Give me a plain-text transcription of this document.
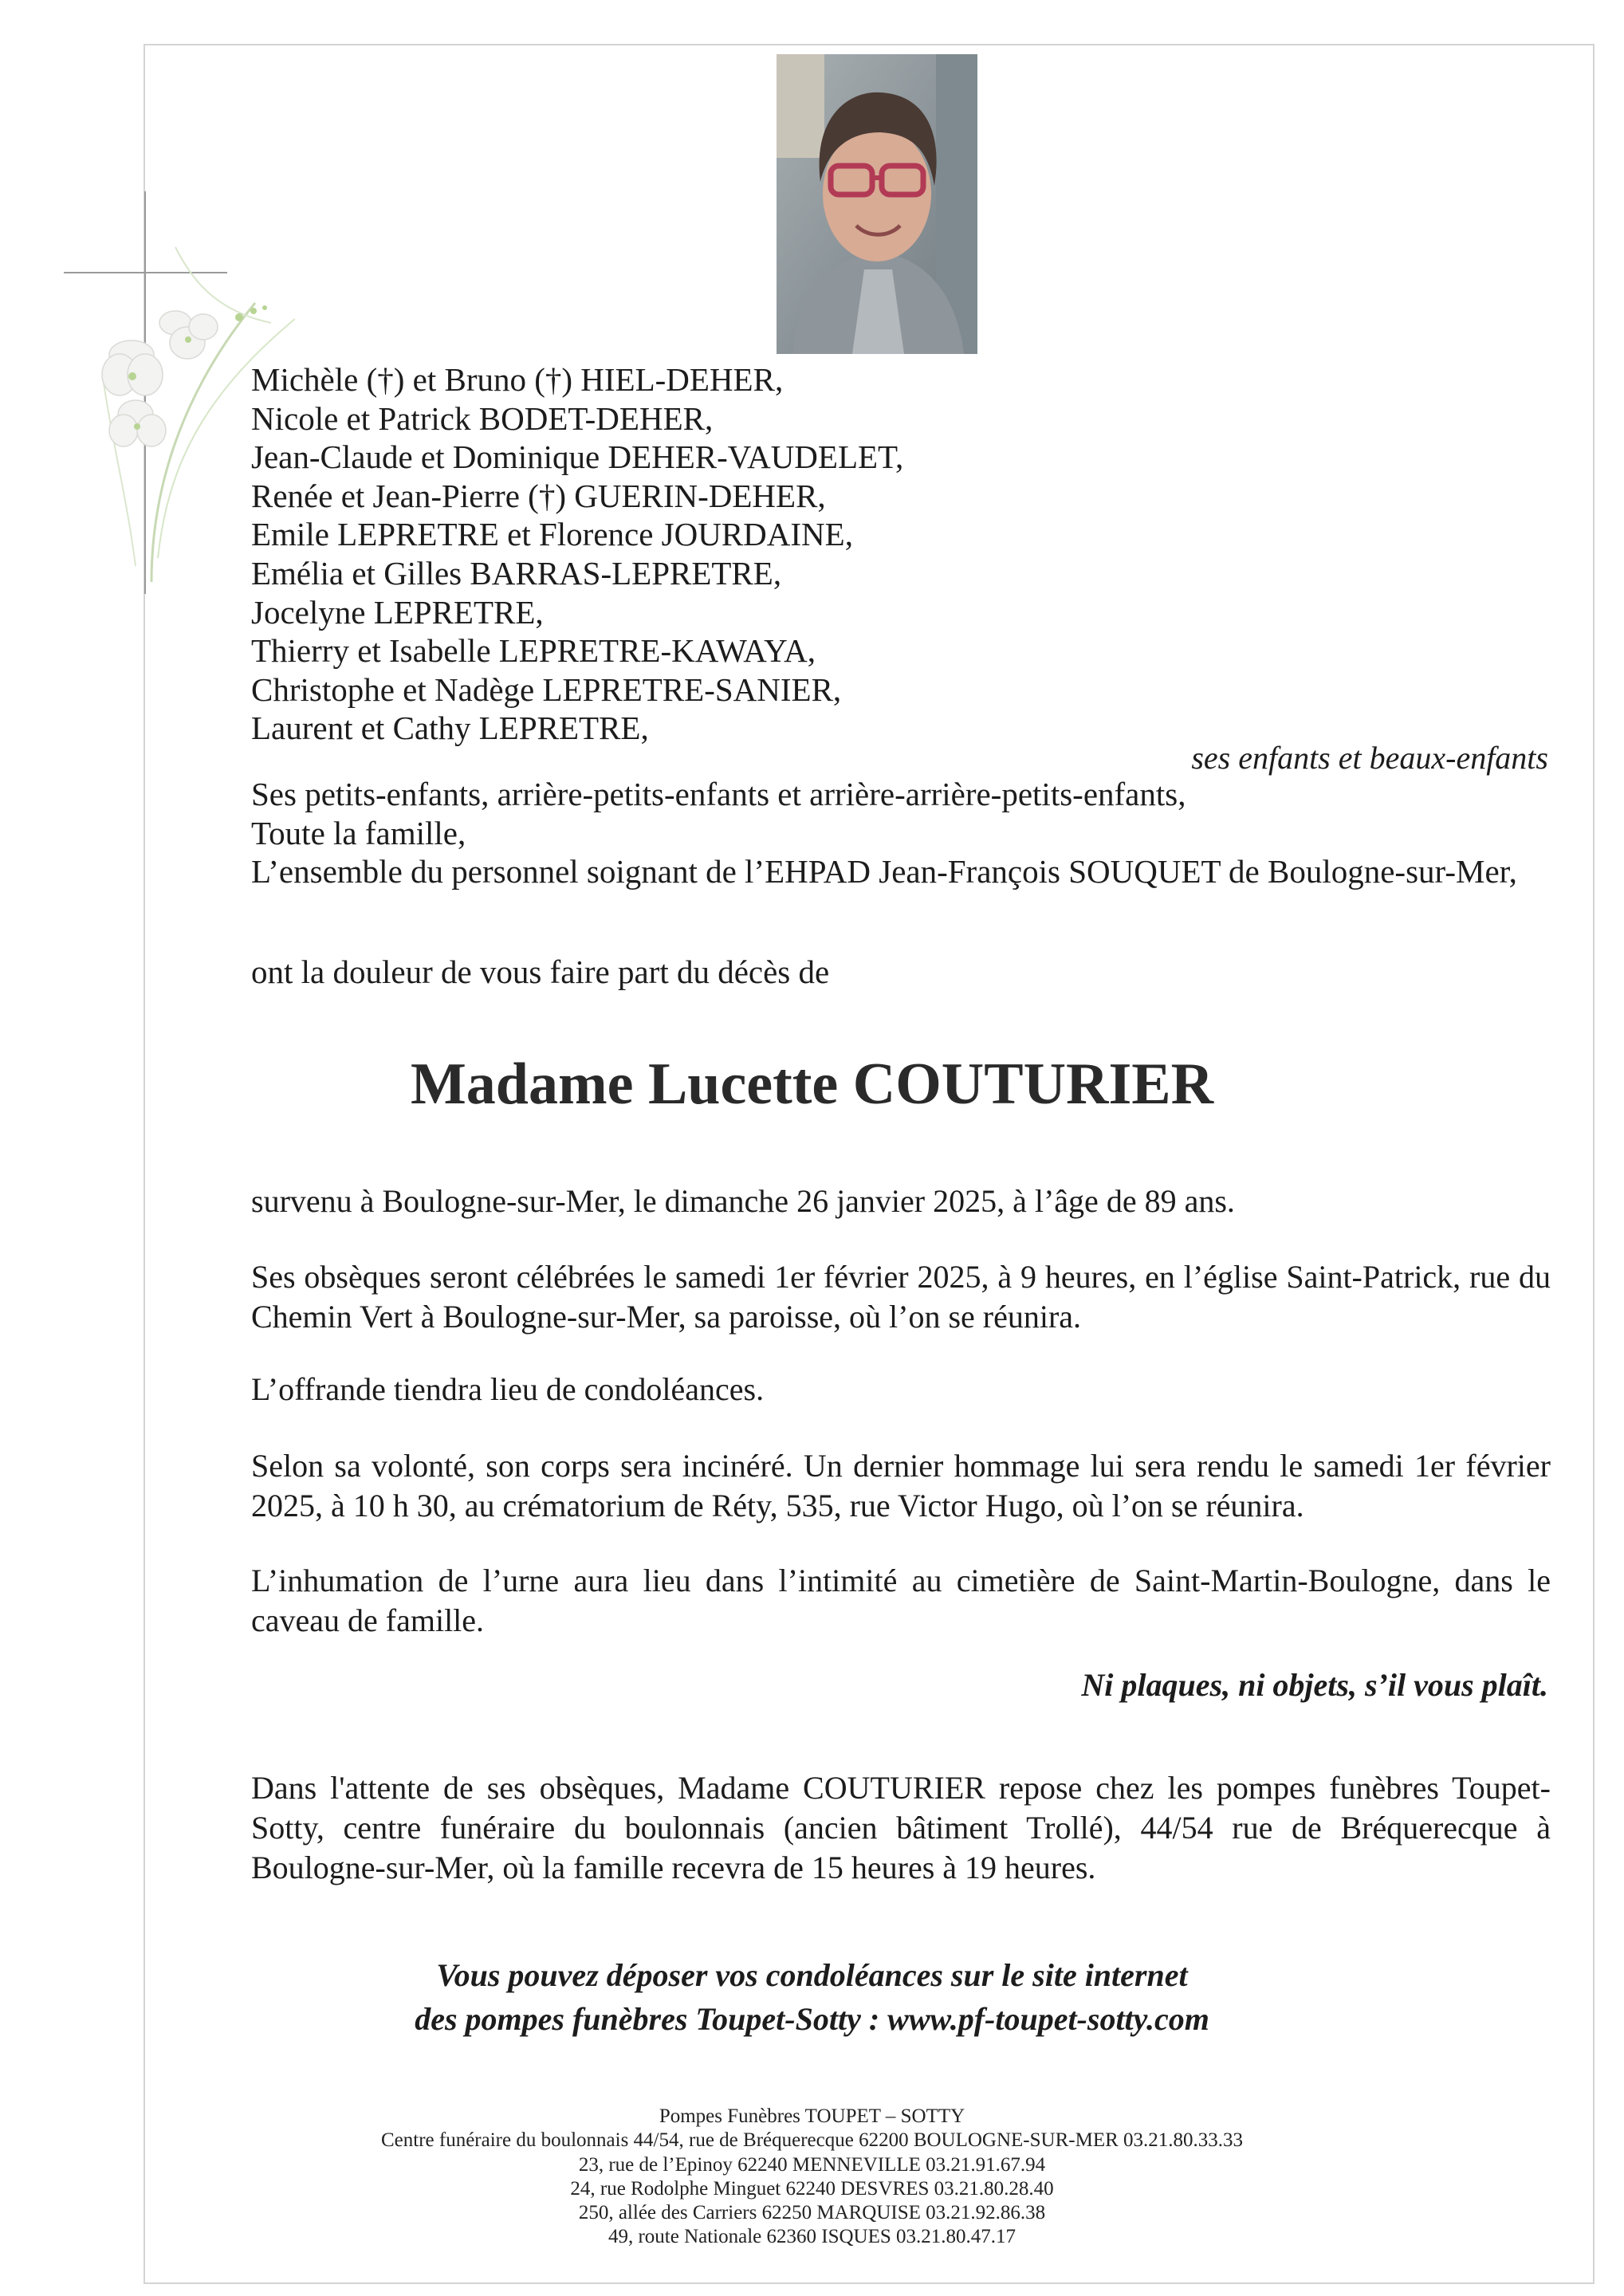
Michèle (†) et Bruno (†) HIEL-DEHER,
Nicole et Patrick BODET-DEHER,
Jean-Claude et Dominique DEHER-VAUDELET,
Renée et Jean-Pierre (†) GUERIN-DEHER,
Emile LEPRETRE et Florence JOURDAINE,
Emélia et Gilles BARRAS-LEPRETRE,
Jocelyne LEPRETRE,
Thierry et Isabelle LEPRETRE-KAWAYA,
Christophe et Nadège LEPRETRE-SANIER,
Laurent et Cathy LEPRETRE,
ses enfants et beaux-enfants
Ses petits-enfants, arrière-petits-enfants et arrière-arrière-petits-enfants,
Toute la famille,
L’ensemble du personnel soignant de l’EHPAD Jean-François SOUQUET de Boulogne-sur-Mer,
ont la douleur de vous faire part du décès de
Madame Lucette COUTURIER

survenu à Boulogne-sur-Mer, le dimanche 26 janvier 2025, à l’âge de 89 ans.

Ses obsèques seront célébrées le samedi 1er février 2025, à 9 heures, en l’église Saint-Patrick, rue du Chemin Vert à Boulogne-sur-Mer, sa paroisse, où l’on se réunira.

L’offrande tiendra lieu de condoléances.

Selon sa volonté, son corps sera incinéré. Un dernier hommage lui sera rendu le samedi 1er février 2025, à 10 h 30, au crématorium de Réty, 535, rue Victor Hugo, où l’on se réunira.

L’inhumation de l’urne aura lieu dans l’intimité au cimetière de Saint-Martin-Boulogne, dans le caveau de famille.

Ni plaques, ni objets, s’il vous plaît.

Dans l'attente de ses obsèques, Madame COUTURIER repose chez les pompes funèbres Toupet-Sotty, centre funéraire du boulonnais (ancien bâtiment Trollé), 44/54 rue de Bréquerecque à Boulogne-sur-Mer, où la famille recevra de 15 heures à 19 heures.

Vous pouvez déposer vos condoléances sur le site internet
des pompes funèbres Toupet-Sotty : www.pf-toupet-sotty.com
Pompes Funèbres TOUPET – SOTTY
Centre funéraire du boulonnais 44/54, rue de Bréquerecque 62200 BOULOGNE-SUR-MER 03.21.80.33.33
23, rue de l’Epinoy 62240 MENNEVILLE 03.21.91.67.94
24, rue Rodolphe Minguet 62240 DESVRES 03.21.80.28.40
250, allée des Carriers 62250 MARQUISE 03.21.92.86.38
49, route Nationale 62360 ISQUES 03.21.80.47.17
